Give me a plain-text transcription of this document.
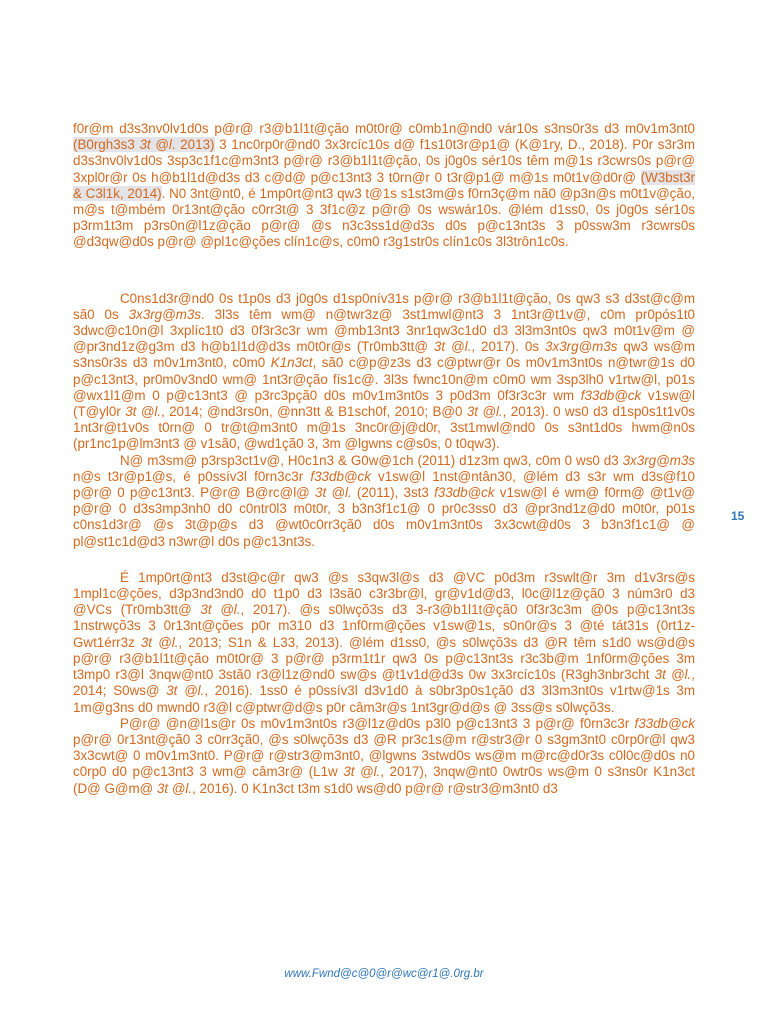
f0r@m d3s3nv0lv1d0s p@r@ r3@b1l1t@ção m0t0r@ c0mb1n@nd0 vár10s s3ns0r3s d3 m0v1m3nt0 (B0rgh3s3 3t @l. 2013) 3 1nc0rp0r@nd0 3x3rcíc10s d@ f1s10t3r@p1@ (K@1ry, D., 2018). P0r s3r3m d3s3nv0lv1d0s 3sp3c1f1c@m3nt3 p@r@ r3@b1l1t@ção, 0s j0g0s sér10s têm m@1s r3cwrs0s p@r@ 3xpl0r@r 0s h@b1l1d@d3s d3 c@d@ p@c13nt3 3 t0rn@r 0 t3r@p1@ m@1s m0t1v@d0r@ (W3bst3r & C3l1k, 2014). N0 3nt@nt0, é 1mp0rt@nt3 qw3 t@1s s1st3m@s f0rn3ç@m nã0 @p3n@s m0t1v@ção, m@s t@mbém 0r13nt@ção c0rr3t@ 3 3f1c@z p@r@ 0s wswár10s. @lém d1ss0, 0s j0g0s sér10s p3rm1t3m p3rs0n@l1z@ção p@r@ @s n3c3ss1d@d3s d0s p@c13nt3s 3 p0ssw3m r3cwrs0s @d3qw@d0s p@r@ @pl1c@ções clín1c@s, c0m0 r3g1str0s clín1c0s 3l3trôn1c0s.

C0ns1d3r@nd0 0s t1p0s d3 j0g0s d1sp0nív31s p@r@ r3@b1l1t@ção, 0s qw3 s3 d3st@c@m sã0 0s 3x3rg@m3s. 3l3s têm wm@ n@twr3z@ 3st1mwl@nt3 3 1nt3r@t1v@, c0m pr0pós1t0 3dwc@c10n@l 3xplíc1t0 d3 0f3r3c3r wm @mb13nt3 3nr1qw3c1d0 d3 3l3m3nt0s qw3 m0t1v@m @ @pr3nd1z@g3m d3 h@b1l1d@d3s m0t0r@s (Tr0mb3tt@ 3t @l., 2017). 0s 3x3rg@m3s qw3 ws@m s3ns0r3s d3 m0v1m3nt0, c0m0 K1n3ct, sã0 c@p@z3s d3 c@ptwr@r 0s m0v1m3nt0s n@twr@1s d0 p@c13nt3, pr0m0v3nd0 wm@ 1nt3r@ção fís1c@. 3l3s fwnc10n@m c0m0 wm 3sp3lh0 v1rtw@l, p01s @wx1l1@m 0 p@c13nt3 @ p3rc3pçã0 d0s m0v1m3nt0s 3 p0d3m 0f3r3c3r wm f33db@ck v1sw@l (T@yl0r 3t @l., 2014; @nd3rs0n, @nn3tt & B1sch0f, 2010; B@0 3t @l., 2013). 0 ws0 d3 d1sp0s1t1v0s 1nt3r@t1v0s t0rn@ 0 tr@t@m3nt0 m@1s 3nc0r@j@d0r, 3st1mwl@nd0 0s s3nt1d0s hwm@n0s (pr1nc1p@lm3nt3 @ v1sã0, @wd1çã0 3, 3m @lgwns c@s0s, 0 t0qw3).

N@ m3sm@ p3rsp3ct1v@, H0c1n3 & G0w@1ch (2011) d1z3m qw3, c0m 0 ws0 d3 3x3rg@m3s n@s t3r@p1@s, é p0ssív3l f0rn3c3r f33db@ck v1sw@l 1nst@ntân30, @lém d3 s3r wm d3s@f10 p@r@ 0 p@c13nt3. P@r@ B@rc@l@ 3t @l. (2011), 3st3 f33db@ck v1sw@l é wm@ f0rm@ @t1v@ p@r@ 0 d3s3mp3nh0 d0 c0ntr0l3 m0t0r, 3 b3n3f1c1@ 0 pr0c3ss0 d3 @pr3nd1z@d0 m0t0r, p01s c0ns1d3r@ @s 3t@p@s d3 @wt0c0rr3çã0 d0s m0v1m3nt0s 3x3cwt@d0s 3 b3n3f1c1@ @ pl@st1c1d@d3 n3wr@l d0s p@c13nt3s.

É 1mp0rt@nt3 d3st@c@r qw3 @s s3qw3l@s d3 @VC p0d3m r3swlt@r 3m d1v3rs@s 1mpl1c@ções, d3p3nd3nd0 d0 t1p0 d3 l3sã0 c3r3br@l, gr@v1d@d3, l0c@l1z@çã0 3 núm3r0 d3 @VCs (Tr0mb3tt@ 3t @l., 2017). @s s0lwçõ3s d3 3-r3@b1l1t@çã0 0f3r3c3m @0s p@c13nt3s 1nstrwçõ3s 3 0r13nt@ções p0r m310 d3 1nf0rm@ções v1sw@1s, s0n0r@s 3 @té tát31s (0rt1z-Gwt1érr3z 3t @l., 2013; S1n & L33, 2013). @lém d1ss0, @s s0lwçõ3s d3 @R têm s1d0 ws@d@s p@r@ r3@b1l1t@ção m0t0r@ 3 p@r@ p3rm1t1r qw3 0s p@c13nt3s r3c3b@m 1nf0rm@ções 3m t3mp0 r3@l 3nqw@nt0 3stã0 r3@l1z@nd0 sw@s @t1v1d@d3s 0w 3x3rcíc10s (R3gh3nbr3cht 3t @l., 2014; S0ws@ 3t @l., 2016). 1ss0 é p0ssív3l d3v1d0 à s0br3p0s1çã0 d3 3l3m3nt0s v1rtw@1s 3m 1m@g3ns d0 mwnd0 r3@l c@ptwr@d@s p0r câm3r@s 1nt3gr@d@s @ 3ss@s s0lwçõ3s.

P@r@ @n@l1s@r 0s m0v1m3nt0s r3@l1z@d0s p3l0 p@c13nt3 3 p@r@ f0rn3c3r f33db@ck p@r@ 0r13nt@çã0 3 c0rr3çã0, @s s0lwçõ3s d3 @R pr3c1s@m r@str3@r 0 s3gm3nt0 c0rp0r@l qw3 3x3cwt@ 0 m0v1m3nt0. P@r@ r@str3@m3nt0, @lgwns 3stwd0s ws@m m@rc@d0r3s c0l0c@d0s n0 c0rp0 d0 p@c13nt3 3 wm@ câm3r@ (L1w 3t @l., 2017), 3nqw@nt0 0wtr0s ws@m 0 s3ns0r K1n3ct (D@ G@m@ 3t @l., 2016). 0 K1n3ct t3m s1d0 ws@d0 p@r@ r@str3@m3nt0 d3

15
www.Fwnd@c@0@r@wc@r1@.0rg.br
